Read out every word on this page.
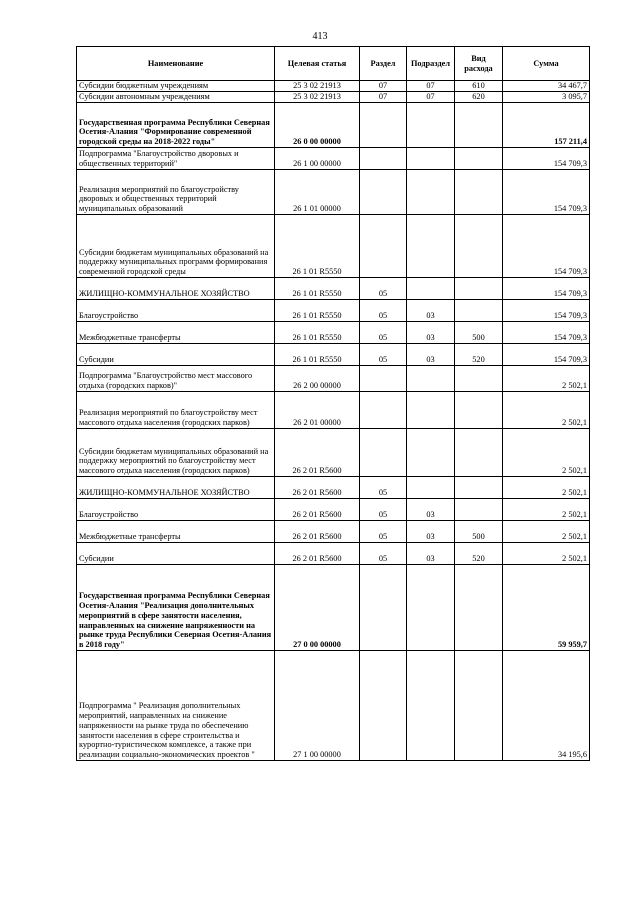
413
Наименование	Целевая статья	Раздел	Подраздел	Вид расхода	Сумма
Субсидии бюджетным учреждениям	25 3 02 21913	07	07	610	34 467,7
Субсидии автономным учреждениям	25 3 02 21913	07	07	620	3 095,7
Государственная программа Республики Северная Осетия-Алания "Формирование современной городской среды на 2018-2022 годы"	26 0 00 00000				157 211,4
Подпрограмма "Благоустройство дворовых и общественных территорий"	26 1 00 00000				154 709,3
Реализация мероприятий по благоустройству дворовых и общественных территорий муниципальных образований	26 1 01 00000				154 709,3
Субсидии бюджетам муниципальных образований на поддержку муниципальных программ формирования современной городской среды	26 1 01 R5550				154 709,3
ЖИЛИЩНО-КОММУНАЛЬНОЕ ХОЗЯЙСТВО	26 1 01 R5550	05			154 709,3
Благоустройство	26 1 01 R5550	05	03		154 709,3
Межбюджетные трансферты	26 1 01 R5550	05	03	500	154 709,3
Субсидии	26 1 01 R5550	05	03	520	154 709,3
Подпрограмма "Благоустройство мест массового отдыха (городских парков)"	26 2 00 00000				2 502,1
Реализация мероприятий по благоустройству мест массового отдыха населения (городских парков)	26 2 01 00000				2 502,1
Субсидии бюджетам муниципальных образований на поддержку мероприятий по благоустройству мест массового отдыха населения (городских парков)	26 2 01 R5600				2 502,1
ЖИЛИЩНО-КОММУНАЛЬНОЕ ХОЗЯЙСТВО	26 2 01 R5600	05			2 502,1
Благоустройство	26 2 01 R5600	05	03		2 502,1
Межбюджетные трансферты	26 2 01 R5600	05	03	500	2 502,1
Субсидии	26 2 01 R5600	05	03	520	2 502,1
Государственная программа Республики Северная Осетия-Алания "Реализация дополнительных мероприятий в сфере занятости населения, направленных на снижение напряженности на рынке труда Республики Северная Осетия-Алания в 2018 году"	27 0 00 00000				59 959,7
Подпрограмма " Реализация дополнительных мероприятий, направленных на снижение напряженности на рынке труда по обеспечению занятости населения в сфере строительства и курортно-туристическом комплексе, а также при реализации социально-экономических проектов "	27 1 00 00000				34 195,6
